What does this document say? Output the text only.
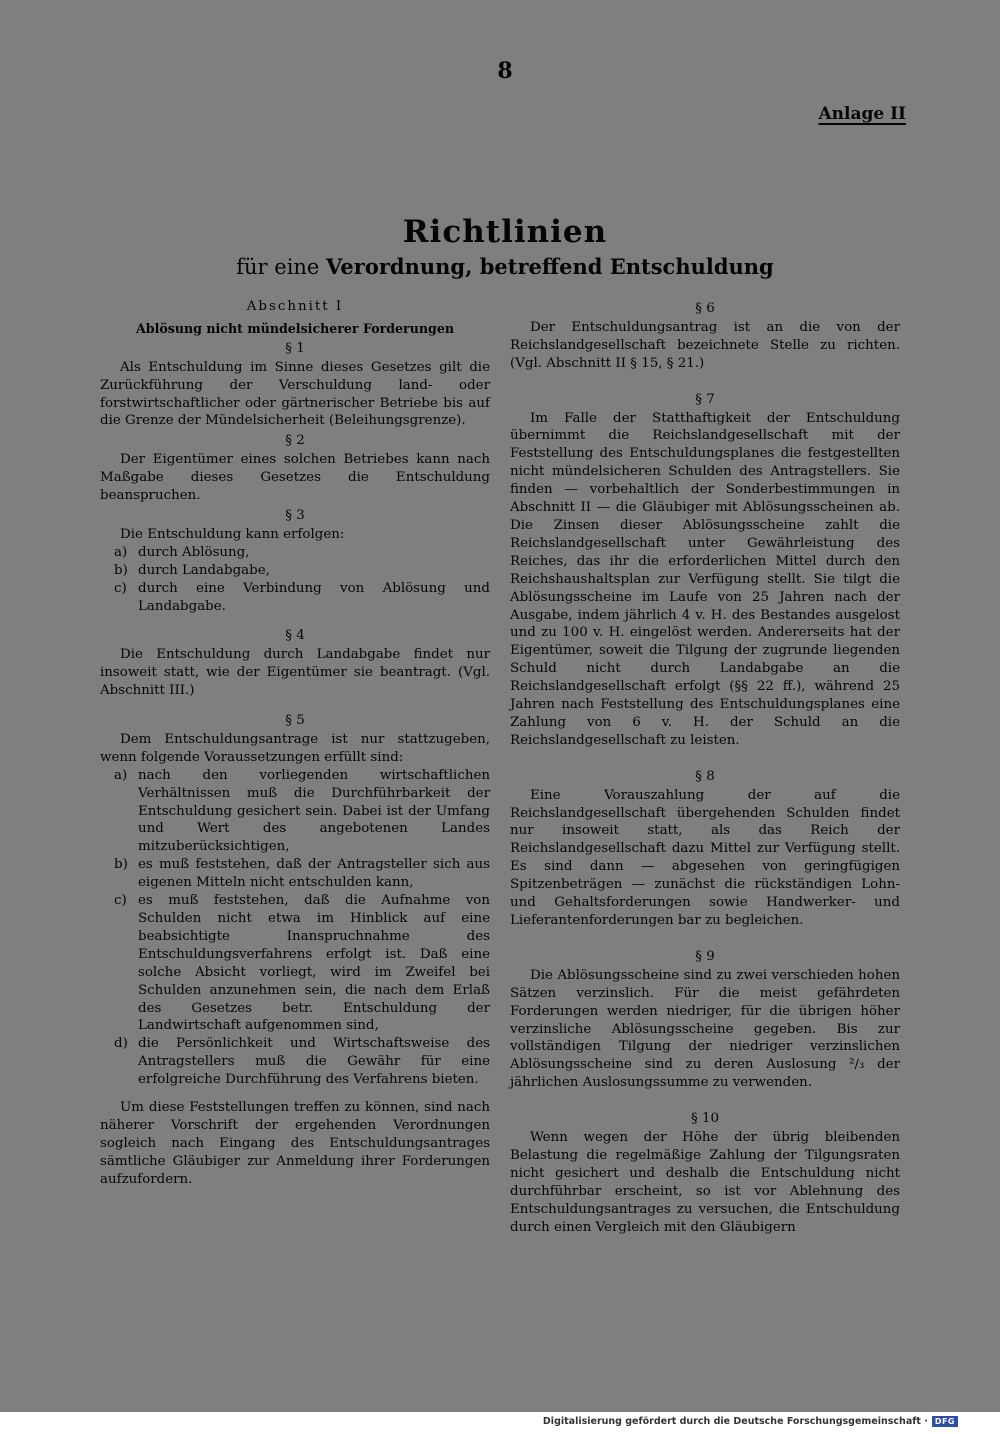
8
Anlage II
Richtlinien
für eine Verordnung, betreffend Entschuldung
Abschnitt I
Ablösung nicht mündelsicherer Forderungen
§ 1

Als Entschuldung im Sinne dieses Gesetzes gilt die Zurückführung der Verschuldung land- oder forstwirtschaftlicher oder gärtnerischer Betriebe bis auf die Grenze der Mündelsicherheit (Beleihungsgrenze).

§ 2

Der Eigentümer eines solchen Betriebes kann nach Maßgabe dieses Gesetzes die Entschuldung beanspruchen.

§ 3

Die Entschuldung kann erfolgen:

a) durch Ablösung,
b) durch Landabgabe,
c) durch eine Verbindung von Ablösung und Landabgabe.
§ 4

Die Entschuldung durch Landabgabe findet nur insoweit statt, wie der Eigentümer sie beantragt. (Vgl. Abschnitt III.)

§ 5

Dem Entschuldungsantrage ist nur stattzugeben, wenn folgende Voraussetzungen erfüllt sind:

a) nach den vorliegenden wirtschaftlichen Verhältnissen muß die Durchführbarkeit der Entschuldung gesichert sein. Dabei ist der Umfang und Wert des angebotenen Landes mitzuberücksichtigen,
b) es muß feststehen, daß der Antragsteller sich aus eigenen Mitteln nicht entschulden kann,
c) es muß feststehen, daß die Aufnahme von Schulden nicht etwa im Hinblick auf eine beabsichtigte Inanspruchnahme des Entschuldungsverfahrens erfolgt ist. Daß eine solche Absicht vorliegt, wird im Zweifel bei Schulden anzunehmen sein, die nach dem Erlaß des Gesetzes betr. Entschuldung der Landwirtschaft aufgenommen sind,
d) die Persönlichkeit und Wirtschaftsweise des Antragstellers muß die Gewähr für eine erfolgreiche Durchführung des Verfahrens bieten.

Um diese Feststellungen treffen zu können, sind nach näherer Vorschrift der ergehenden Verordnungen sogleich nach Eingang des Entschuldungsantrages sämtliche Gläubiger zur Anmeldung ihrer Forderungen aufzufordern.

§ 6

Der Entschuldungsantrag ist an die von der Reichslandgesellschaft bezeichnete Stelle zu richten. (Vgl. Abschnitt II § 15, § 21.)

§ 7

Im Falle der Statthaftigkeit der Entschuldung übernimmt die Reichslandgesellschaft mit der Feststellung des Entschuldungsplanes die festgestellten nicht mündelsicheren Schulden des Antragstellers. Sie finden — vorbehaltlich der Sonderbestimmungen in Abschnitt II — die Gläubiger mit Ablösungsscheinen ab. Die Zinsen dieser Ablösungsscheine zahlt die Reichslandgesellschaft unter Gewährleistung des Reiches, das ihr die erforderlichen Mittel durch den Reichshaushaltsplan zur Verfügung stellt. Sie tilgt die Ablösungsscheine im Laufe von 25 Jahren nach der Ausgabe, indem jährlich 4 v. H. des Bestandes ausgelost und zu 100 v. H. eingelöst werden. Andererseits hat der Eigentümer, soweit die Tilgung der zugrunde liegenden Schuld nicht durch Landabgabe an die Reichslandgesellschaft erfolgt (§§ 22 ff.), während 25 Jahren nach Feststellung des Entschuldungsplanes eine Zahlung von 6 v. H. der Schuld an die Reichslandgesellschaft zu leisten.

§ 8

Eine Vorauszahlung der auf die Reichslandgesellschaft übergehenden Schulden findet nur insoweit statt, als das Reich der Reichslandgesellschaft dazu Mittel zur Verfügung stellt. Es sind dann — abgesehen von geringfügigen Spitzenbeträgen — zunächst die rückständigen Lohn- und Gehaltsforderungen sowie Handwerker- und Lieferantenforderungen bar zu begleichen.

§ 9

Die Ablösungsscheine sind zu zwei verschieden hohen Sätzen verzinslich. Für die meist gefährdeten Forderungen werden niedriger, für die übrigen höher verzinsliche Ablösungsscheine gegeben. Bis zur vollständigen Tilgung der niedriger verzinslichen Ablösungsscheine sind zu deren Auslosung ²/₃ der jährlichen Auslosungssumme zu verwenden.

§ 10

Wenn wegen der Höhe der übrig bleibenden Belastung die regelmäßige Zahlung der Tilgungsraten nicht gesichert und deshalb die Entschuldung nicht durchführbar erscheint, so ist vor Ablehnung des Entschuldungsantrages zu versuchen, die Entschuldung durch einen Vergleich mit den Gläubigern

Digitalisierung gefördert durch die Deutsche Forschungsgemeinschaft · DFG
